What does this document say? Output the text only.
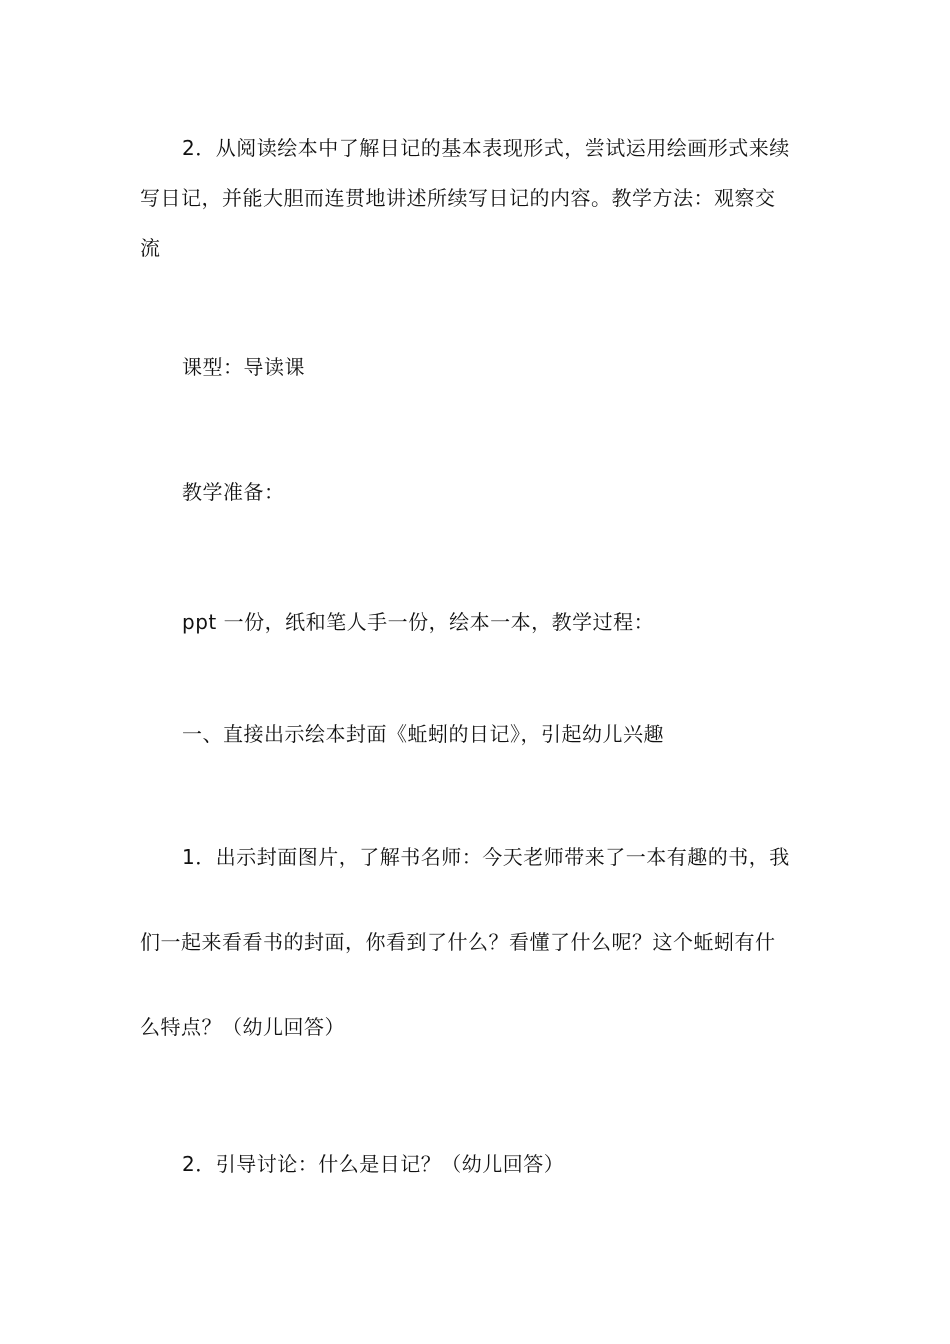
2．从阅读绘本中了解日记的基本表现形式，尝试运用绘画形式来续
写日记，并能大胆而连贯地讲述所续写日记的内容。教学方法：观察交
流
课型：导读课
教学准备：
ppt 一份，纸和笔人手一份，绘本一本，教学过程：
一、直接出示绘本封面《蚯蚓的日记》，引起幼儿兴趣
1．出示封面图片，了解书名师：今天老师带来了一本有趣的书，我
们一起来看看书的封面，你看到了什么？看懂了什么呢？这个蚯蚓有什
么特点？（幼儿回答）
2．引导讨论：什么是日记？（幼儿回答）
